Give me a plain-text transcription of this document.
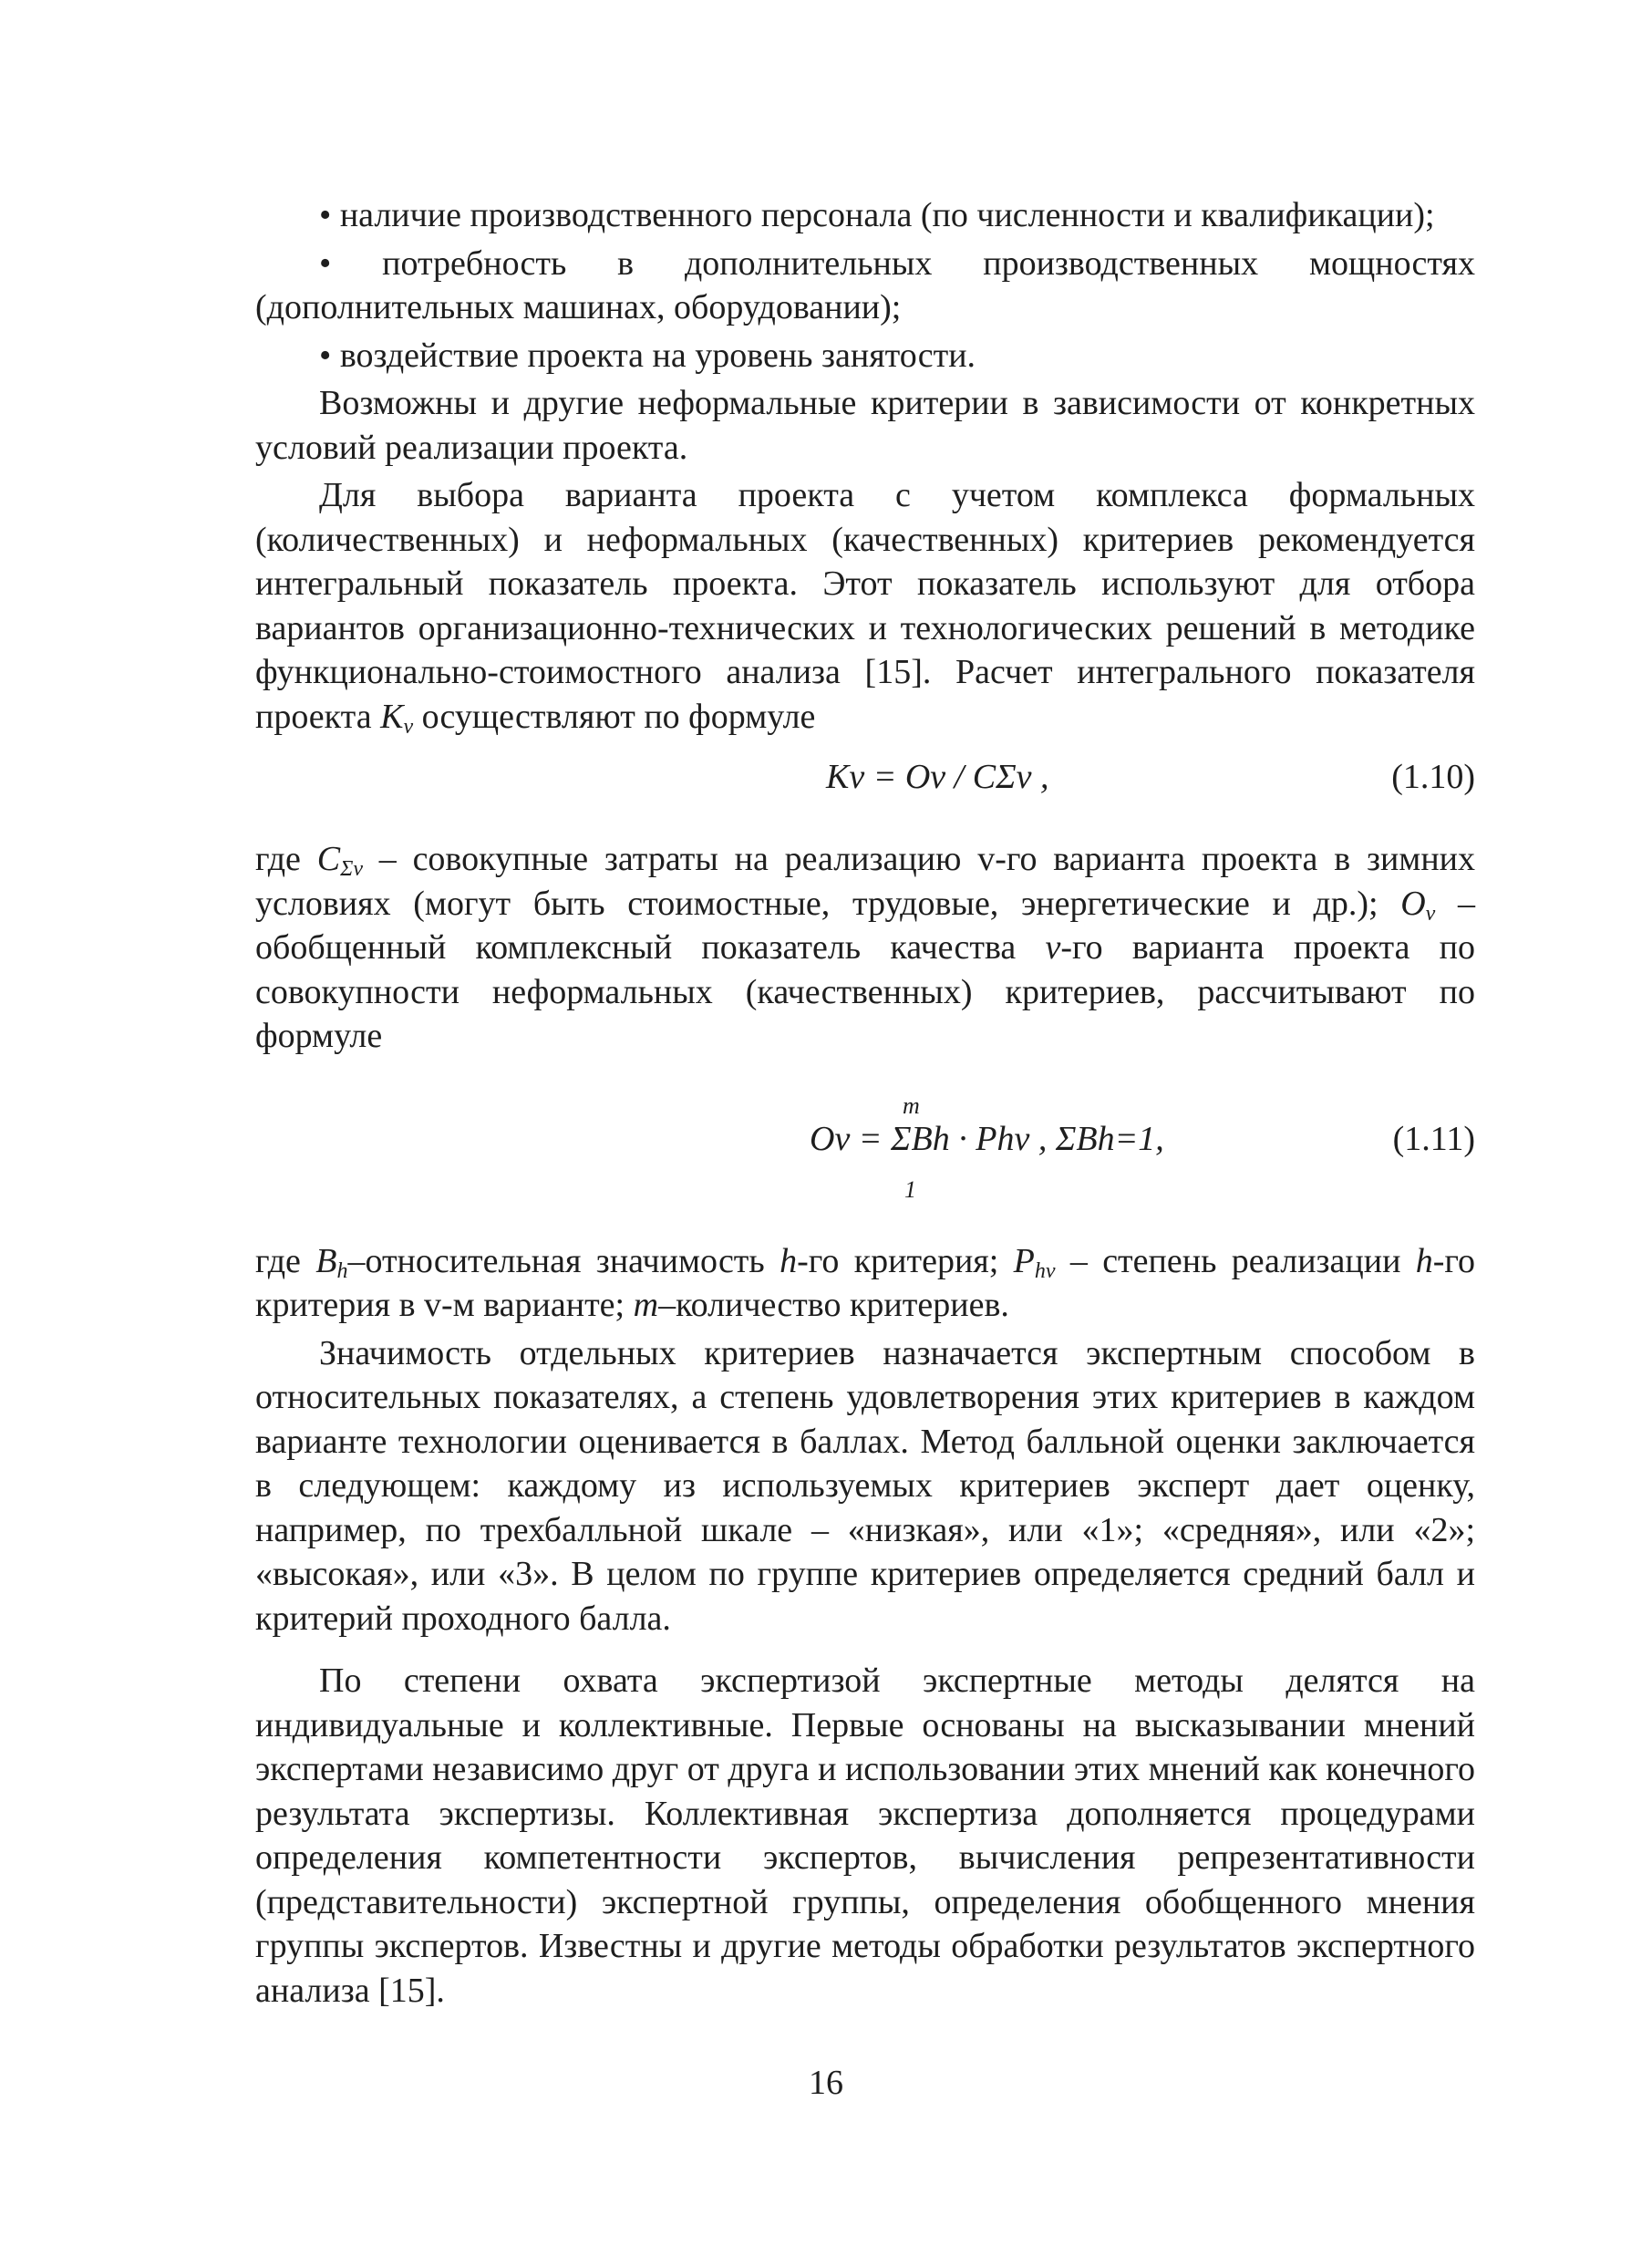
• наличие производственного персонала (по численности и квалификации);

• потребность в дополнительных производственных мощностях (дополнительных машинах, оборудовании);

• воздействие проекта на уровень занятости.

Возможны и другие неформальные критерии в зависимости от конкретных условий реализации проекта.

Для выбора варианта проекта с учетом комплекса формальных (количественных) и неформальных (качественных) критериев рекомендуется интегральный показатель проекта. Этот показатель используют для отбора вариантов организационно-технических и технологических решений в методике функционально-стоимостного анализа [15]. Расчет интегрального показателя проекта $K_v$ осуществляют по формуле

Kv = Ov / CΣv ,	(1.10)

где $C_{\Sigma v}$ – совокупные затраты на реализацию v-го варианта проекта в зимних условиях (могут быть стоимостные, трудовые, энергетические и др.); $O_v$ – обобщенный комплексный показатель качества v-го варианта проекта по совокупности неформальных (качественных) критериев, рассчитывают по формуле

m
Ov = ΣBh · Phv , ΣBh=1,
1
(1.11)

где $B_h$–относительная значимость h-го критерия; $P_{hv}$ – степень реализации h-го критерия в v-м варианте; m–количество критериев.

Значимость отдельных критериев назначается экспертным способом в относительных показателях, а степень удовлетворения этих критериев в каждом варианте технологии оценивается в баллах. Метод балльной оценки заключается в следующем: каждому из используемых критериев эксперт дает оценку, например, по трехбалльной шкале – «низкая», или «1»; «средняя», или «2»; «высокая», или «3». В целом по группе критериев определяется средний балл и критерий проходного балла.

По степени охвата экспертизой экспертные методы делятся на индивидуальные и коллективные. Первые основаны на высказывании мнений экспертами независимо друг от друга и использовании этих мнений как конечного результата экспертизы. Коллективная экспертиза дополняется процедурами определения компетентности экспертов, вычисления репрезентативности (представительности) экспертной группы, определения обобщенного мнения группы экспертов. Известны и другие методы обработки результатов экспертного анализа [15].

16
